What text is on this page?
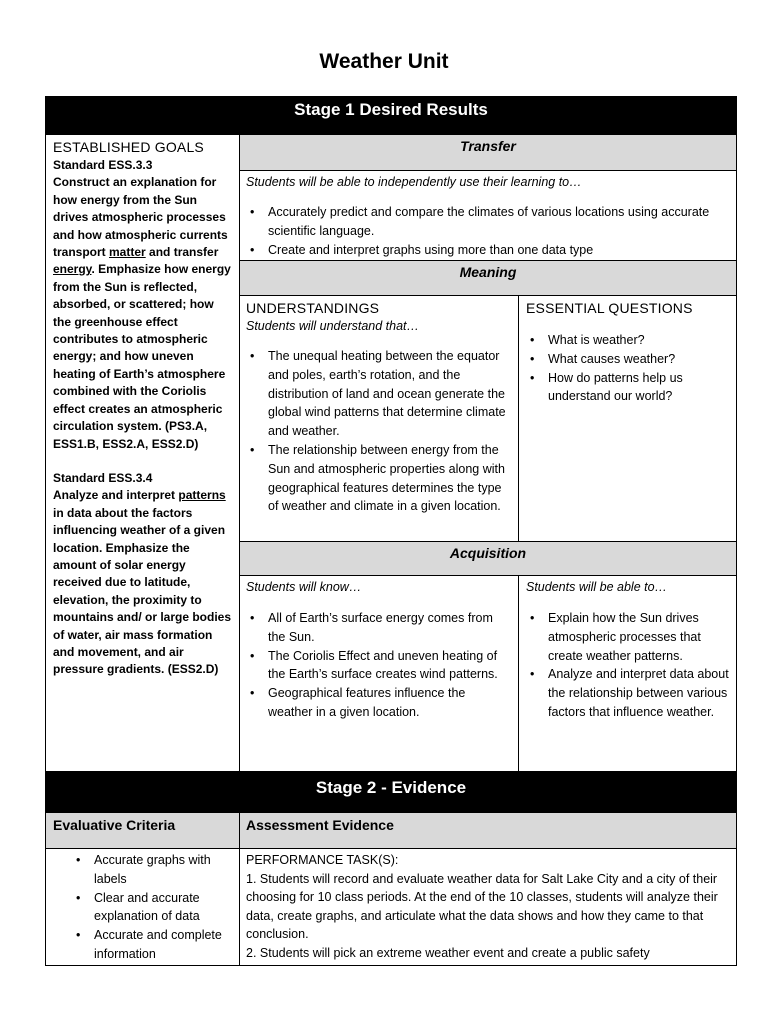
Weather Unit
Stage 1 Desired Results
ESTABLISHED GOALS
Standard ESS.3.3
Construct an explanation for how energy from the Sun drives atmospheric processes and how atmospheric currents transport matter and transfer energy. Emphasize how energy from the Sun is reflected, absorbed, or scattered; how the greenhouse effect contributes to atmospheric energy; and how uneven heating of Earth’s atmosphere combined with the Coriolis effect creates an atmospheric circulation system. (PS3.A, ESS1.B, ESS2.A, ESS2.D)
Standard ESS.3.4
Analyze and interpret patterns in data about the factors influencing weather of a given location. Emphasize the amount of solar energy received due to latitude, elevation, the proximity to mountains and/ or large bodies of water, air mass formation and movement, and air pressure gradients. (ESS2.D)
Transfer
Students will be able to independently use their learning to…
• Accurately predict and compare the climates of various locations using accurate scientific language.
• Create and interpret graphs using more than one data type
Meaning
UNDERSTANDINGS
Students will understand that…
• The unequal heating between the equator and poles, earth’s rotation, and the distribution of land and ocean generate the global wind patterns that determine climate and weather.
• The relationship between energy from the Sun and atmospheric properties along with geographical features determines the type of weather and climate in a given location.
ESSENTIAL QUESTIONS
• What is weather?
• What causes weather?
• How do patterns help us understand our world?
Acquisition
Students will know…
• All of Earth’s surface energy comes from the Sun.
• The Coriolis Effect and uneven heating of the Earth’s surface creates wind patterns.
• Geographical features influence the weather in a given location.
Students will be able to…
• Explain how the Sun drives atmospheric processes that create weather patterns.
• Analyze and interpret data about the relationship between various factors that influence weather.
Stage 2 - Evidence
Evaluative Criteria	Assessment Evidence
• Accurate graphs with labels
• Clear and accurate explanation of data
• Accurate and complete information
PERFORMANCE TASK(S):
1. Students will record and evaluate weather data for Salt Lake City and a city of their choosing for 10 class periods. At the end of the 10 classes, students will analyze their data, create graphs, and articulate what the data shows and how they came to that conclusion.
2. Students will pick an extreme weather event and create a public safety
